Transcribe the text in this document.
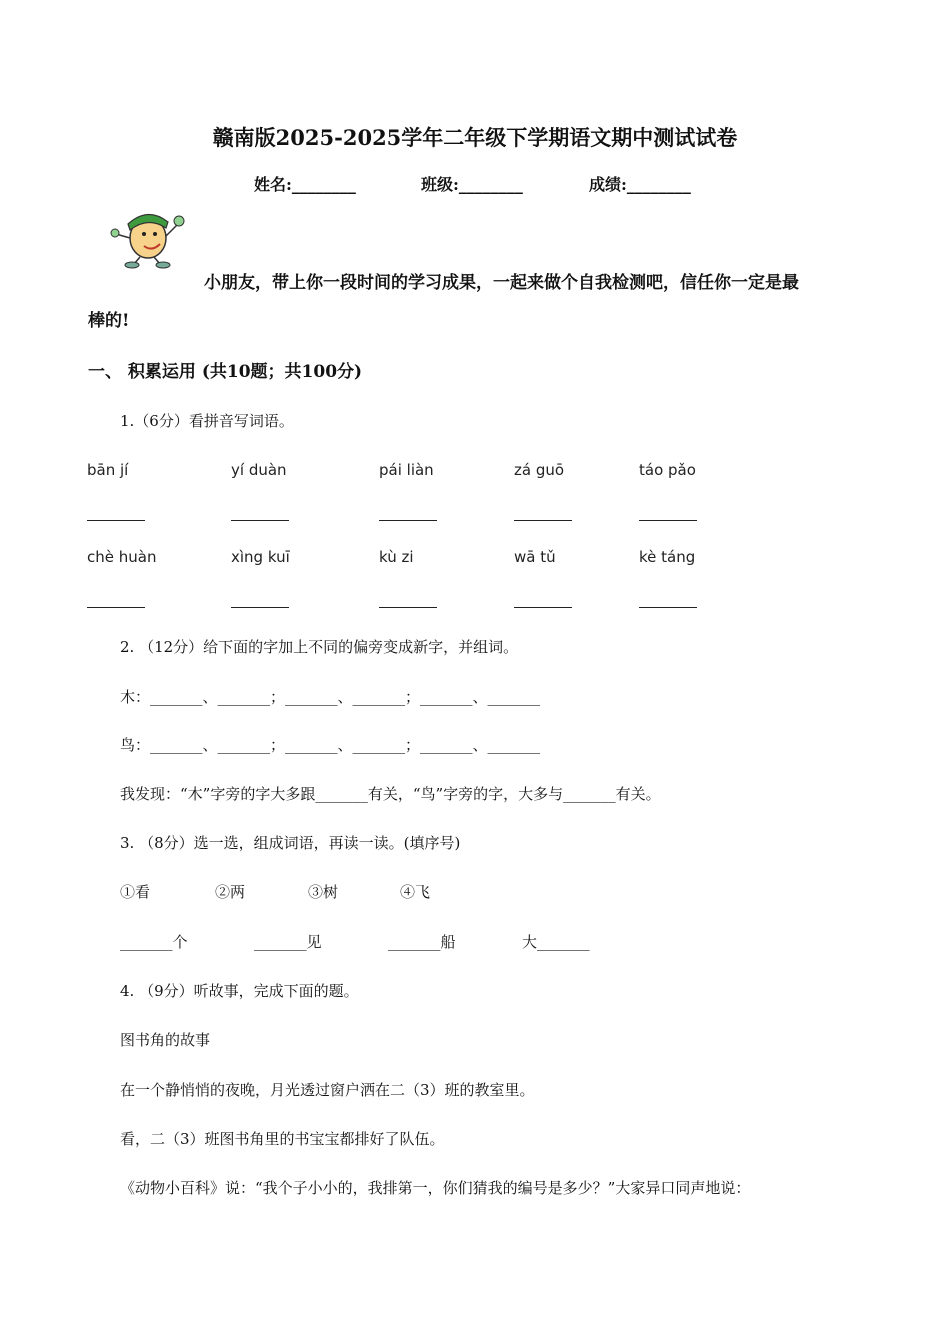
赣南版2025-2025学年二年级下学期语文期中测试试卷
姓名:________	班级:________	成绩:________
小朋友，带上你一段时间的学习成果，一起来做个自我检测吧，信任你一定是最
棒的!
一、 积累运用 (共10题；共100分)
1.（6分）看拼音写词语。
bān jí	yí duàn	pái liàn	zá guō	táo pǎo
chè huàn	xìng kuī	kù zi	wā tǔ	kè táng
2. （12分）给下面的字加上不同的偏旁变成新字，并组词。
木：_______、_______；_______、_______；_______、_______
鸟：_______、_______；_______、_______；_______、_______
我发现：“木”字旁的字大多跟_______有关，“鸟”字旁的字，大多与_______有关。
3. （8分）选一选，组成词语，再读一读。(填序号)
①看	②两	③树	④飞
_______个	_______见	_______船	大_______
4. （9分）听故事，完成下面的题。
图书角的故事
在一个静悄悄的夜晚，月光透过窗户洒在二（3）班的教室里。
看，二（3）班图书角里的书宝宝都排好了队伍。
《动物小百科》说：“我个子小小的，我排第一，你们猜我的编号是多少？”大家异口同声地说：
